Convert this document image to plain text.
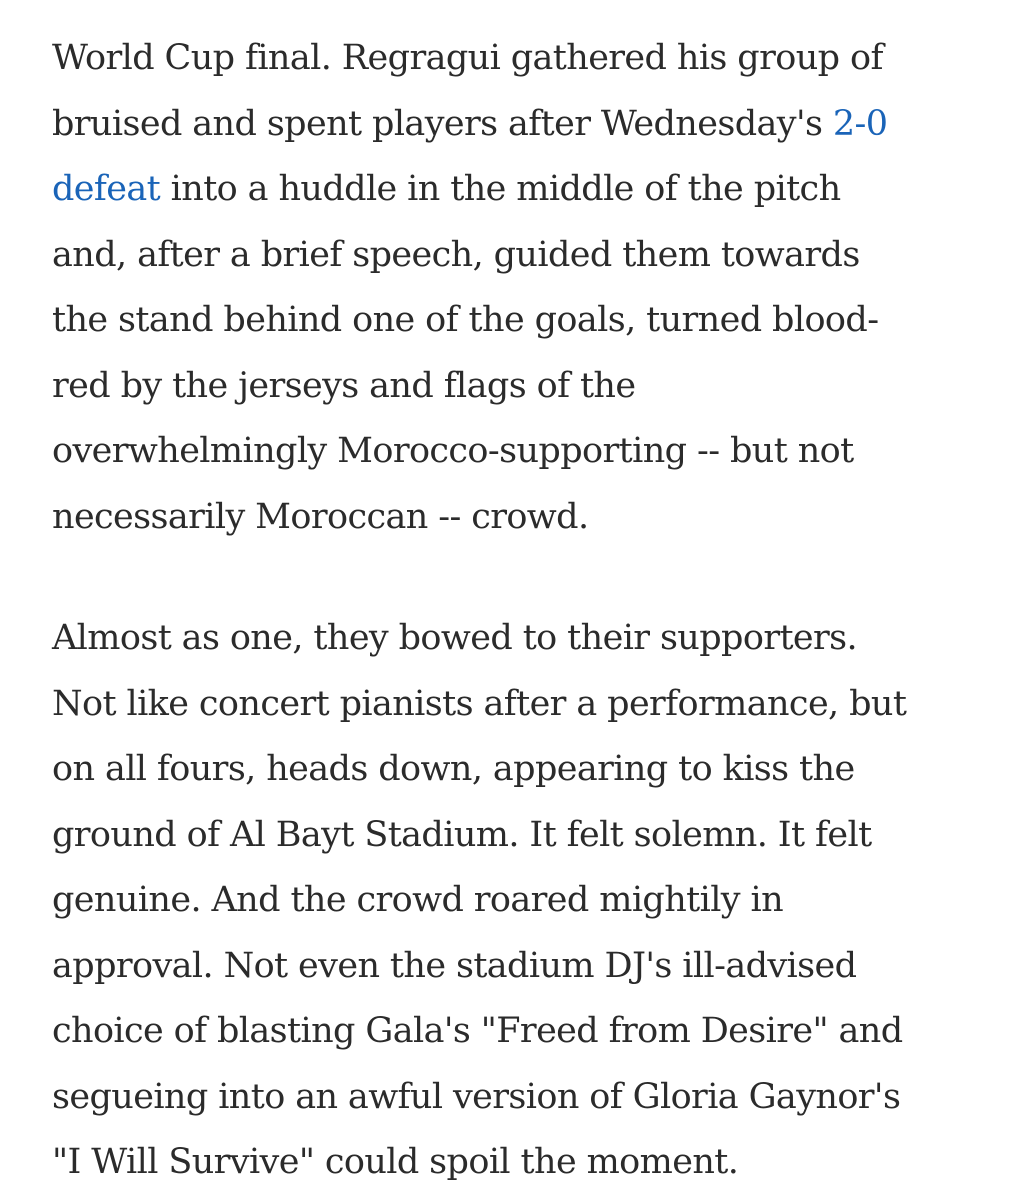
World Cup final. Regragui gathered his group of
bruised and spent players after Wednesday's 2-0
defeat into a huddle in the middle of the pitch
and, after a brief speech, guided them towards
the stand behind one of the goals, turned blood-
red by the jerseys and flags of the
overwhelmingly Morocco-supporting -- but not
necessarily Moroccan -- crowd.

Almost as one, they bowed to their supporters.
Not like concert pianists after a performance, but
on all fours, heads down, appearing to kiss the
ground of Al Bayt Stadium. It felt solemn. It felt
genuine. And the crowd roared mightily in
approval. Not even the stadium DJ's ill-advised
choice of blasting Gala's "Freed from Desire" and
segueing into an awful version of Gloria Gaynor's
"I Will Survive" could spoil the moment.
